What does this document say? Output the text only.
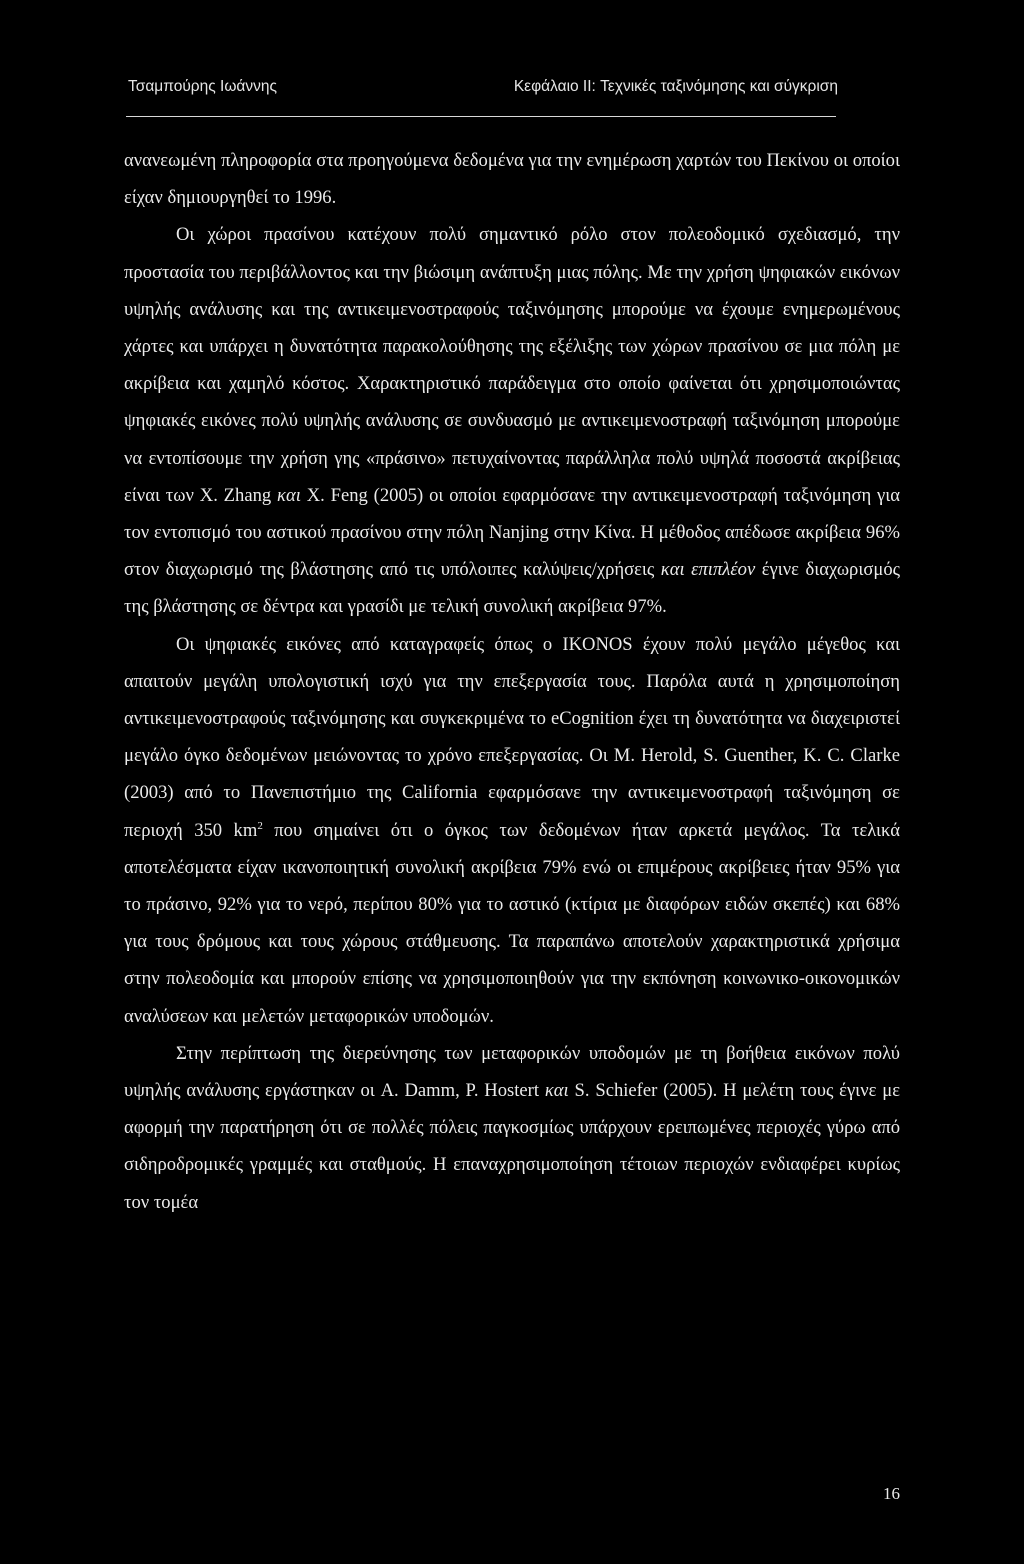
Τσαμπούρης Ιωάννης	Κεφάλαιο II: Τεχνικές ταξινόμησης και σύγκριση

ανανεωμένη πληροφορία στα προηγούμενα δεδομένα για την ενημέρωση χαρτών του Πεκίνου οι οποίοι είχαν δημιουργηθεί το 1996.

Οι χώροι πρασίνου κατέχουν πολύ σημαντικό ρόλο στον πολεοδομικό σχεδιασμό, την προστασία του περιβάλλοντος και την βιώσιμη ανάπτυξη μιας πόλης. Με την χρήση ψηφιακών εικόνων υψηλής ανάλυσης και της αντικειμενοστραφούς ταξινόμησης μπορούμε να έχουμε ενημερωμένους χάρτες και υπάρχει η δυνατότητα παρακολούθησης της εξέλιξης των χώρων πρασίνου σε μια πόλη με ακρίβεια και χαμηλό κόστος. Χαρακτηριστικό παράδειγμα στο οποίο φαίνεται ότι χρησιμοποιώντας ψηφιακές εικόνες πολύ υψηλής ανάλυσης σε συνδυασμό με αντικειμενοστραφή ταξινόμηση μπορούμε να εντοπίσουμε την χρήση γης «πράσινο» πετυχαίνοντας παράλληλα πολύ υψηλά ποσοστά ακρίβειας είναι των X. Zhang και X. Feng (2005) οι οποίοι εφαρμόσανε την αντικειμενοστραφή ταξινόμηση για τον εντοπισμό του αστικού πρασίνου στην πόλη Nanjing στην Κίνα. Η μέθοδος απέδωσε ακρίβεια 96% στον διαχωρισμό της βλάστησης από τις υπόλοιπες καλύψεις/χρήσεις και επιπλέον έγινε διαχωρισμός της βλάστησης σε δέντρα και γρασίδι με τελική συνολική ακρίβεια 97%.

Οι ψηφιακές εικόνες από καταγραφείς όπως ο IKONOS έχουν πολύ μεγάλο μέγεθος και απαιτούν μεγάλη υπολογιστική ισχύ για την επεξεργασία τους. Παρόλα αυτά η χρησιμοποίηση αντικειμενοστραφούς ταξινόμησης και συγκεκριμένα το eCognition έχει τη δυνατότητα να διαχειριστεί μεγάλο όγκο δεδομένων μειώνοντας το χρόνο επεξεργασίας. Οι M. Herold, S. Guenther, K. C. Clarke (2003) από το Πανεπιστήμιο της California εφαρμόσανε την αντικειμενοστραφή ταξινόμηση σε περιοχή 350 $km^2$ που σημαίνει ότι ο όγκος των δεδομένων ήταν αρκετά μεγάλος. Τα τελικά αποτελέσματα είχαν ικανοποιητική συνολική ακρίβεια 79% ενώ οι επιμέρους ακρίβειες ήταν 95% για το πράσινο, 92% για το νερό, περίπου 80% για το αστικό (κτίρια με διαφόρων ειδών σκεπές) και 68% για τους δρόμους και τους χώρους στάθμευσης. Τα παραπάνω αποτελούν χαρακτηριστικά χρήσιμα στην πολεοδομία και μπορούν επίσης να χρησιμοποιηθούν για την εκπόνηση κοινωνικο-οικονομικών αναλύσεων και μελετών μεταφορικών υποδομών.

Στην περίπτωση της διερεύνησης των μεταφορικών υποδομών με τη βοήθεια εικόνων πολύ υψηλής ανάλυσης εργάστηκαν οι A. Damm, P. Hostert και S. Schiefer (2005). Η μελέτη τους έγινε με αφορμή την παρατήρηση ότι σε πολλές πόλεις παγκοσμίως υπάρχουν ερειπωμένες περιοχές γύρω από σιδηροδρομικές γραμμές και σταθμούς. Η επαναχρησιμοποίηση τέτοιων περιοχών ενδιαφέρει κυρίως τον τομέα

16
